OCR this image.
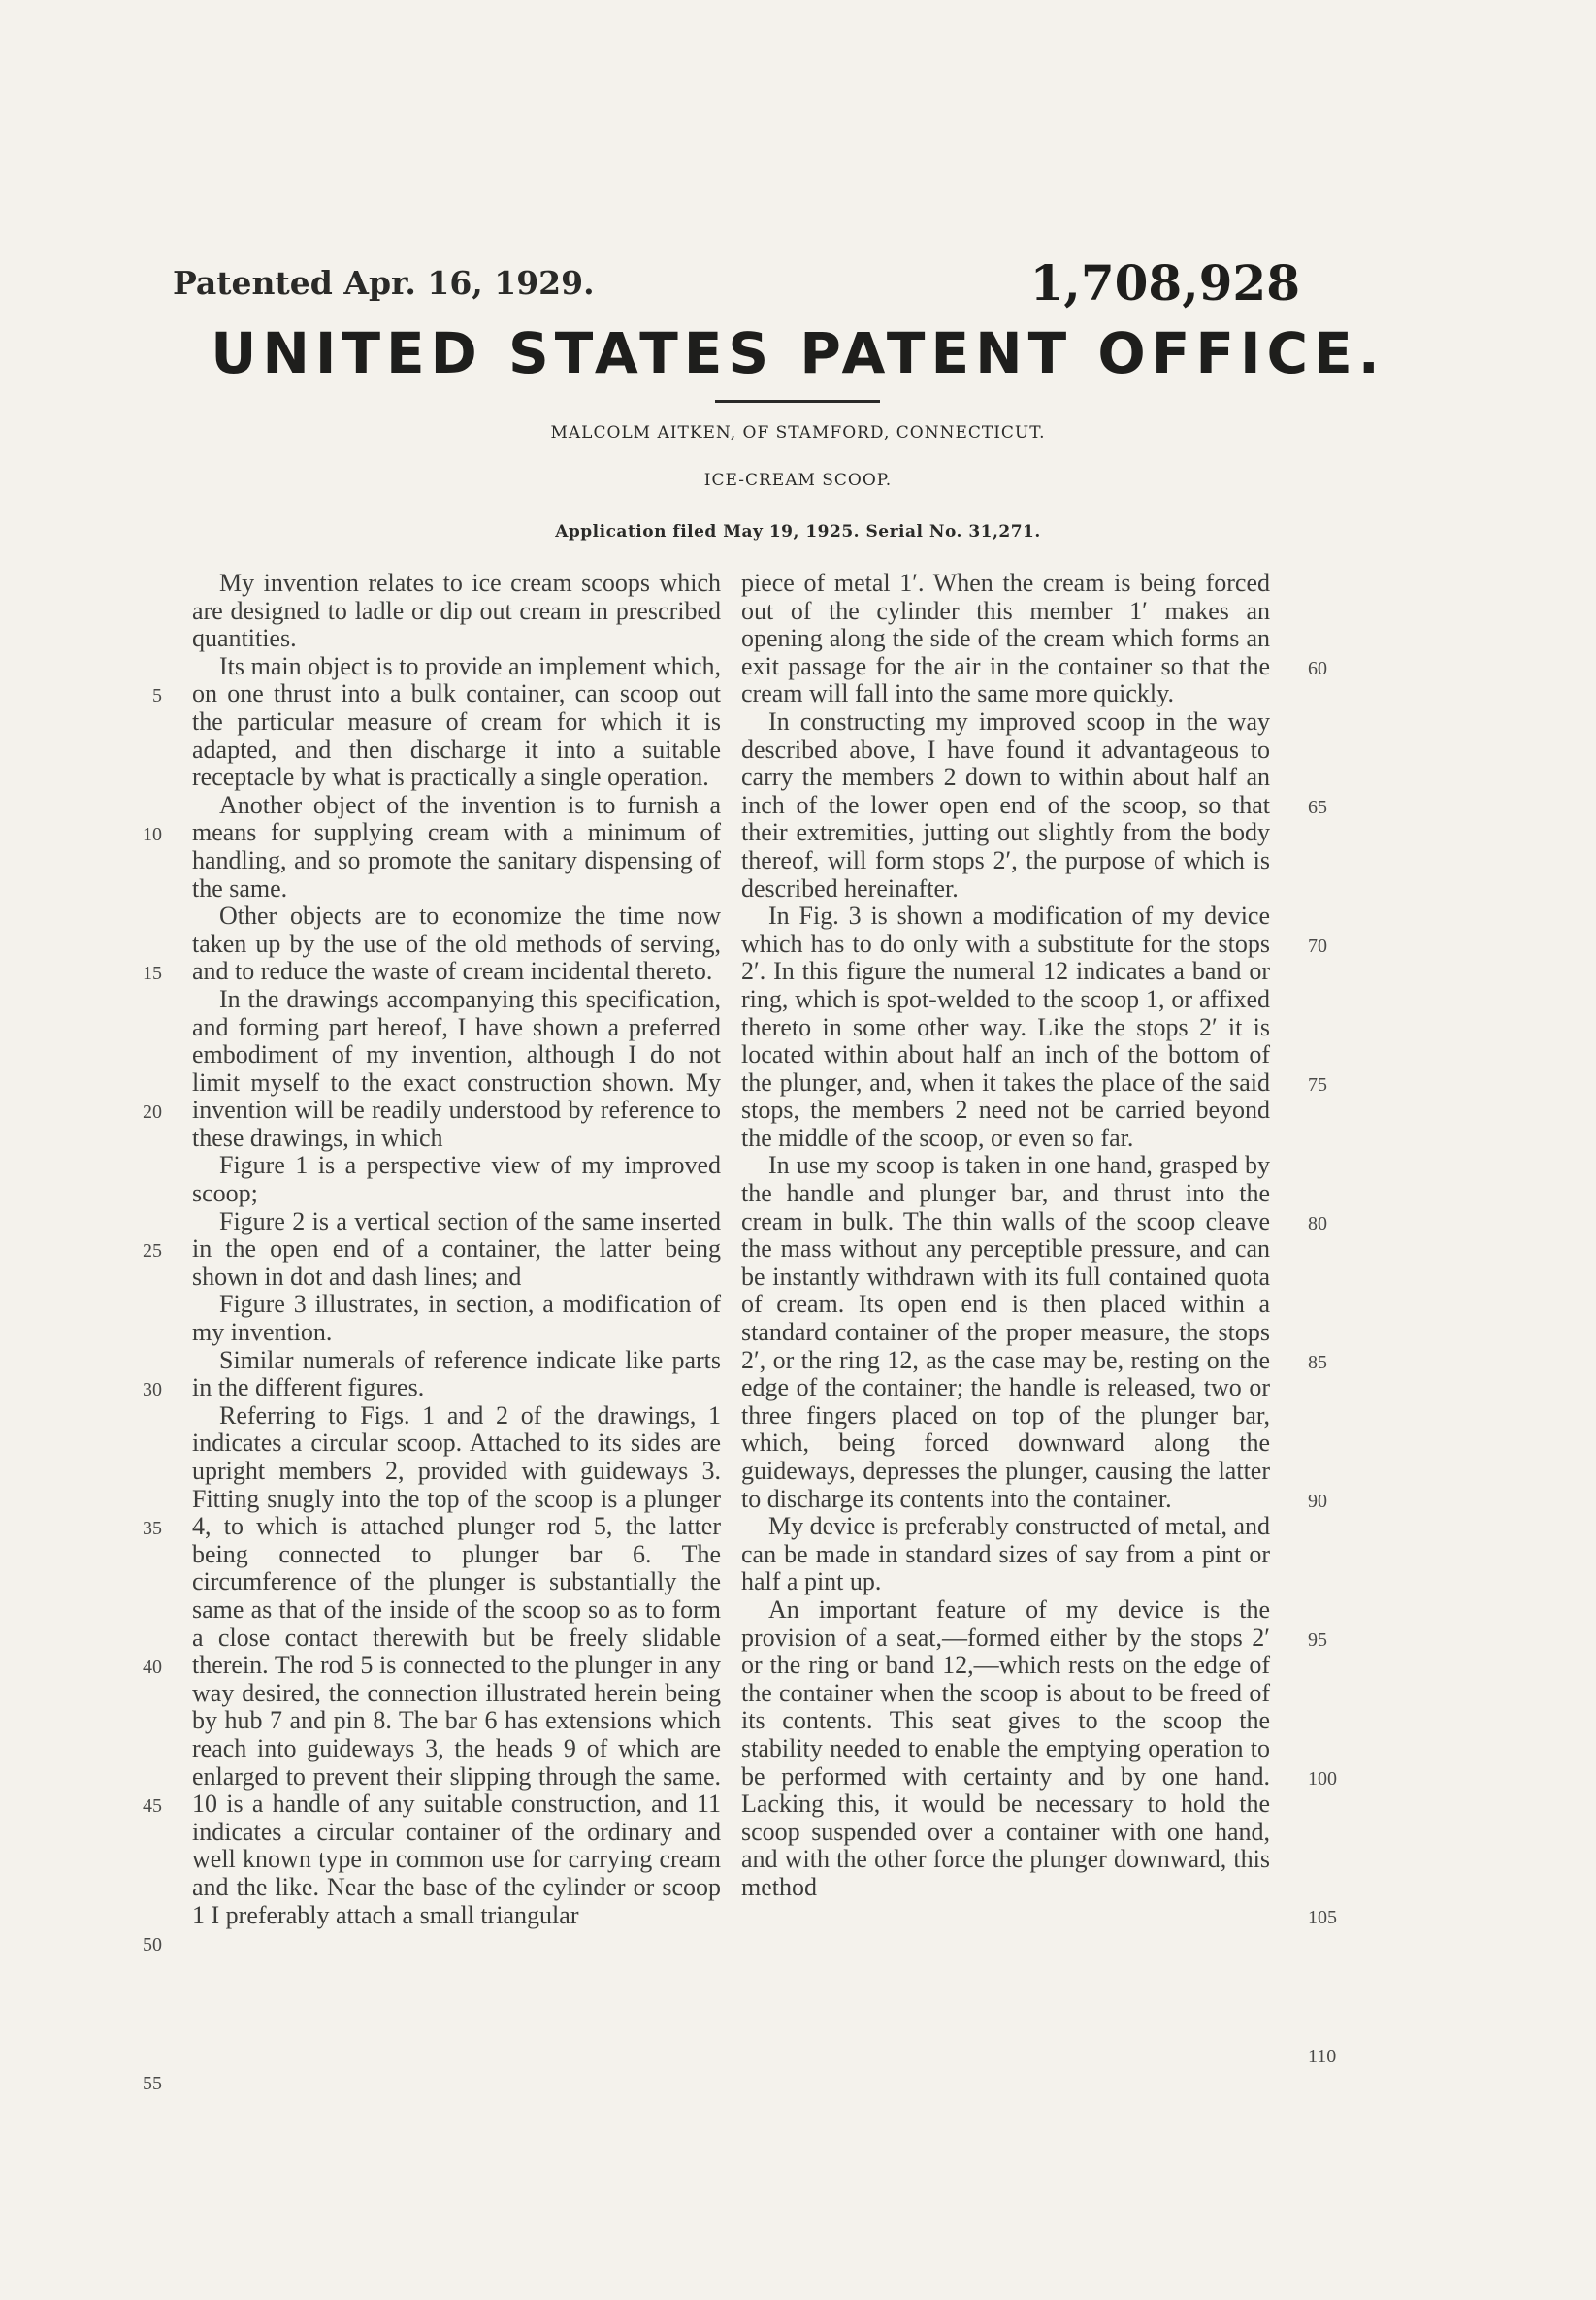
Patented Apr. 16, 1929.	1,708,928
UNITED STATES PATENT OFFICE.
MALCOLM AITKEN, OF STAMFORD, CONNECTICUT.
ICE-CREAM SCOOP.
Application filed May 19, 1925. Serial No. 31,271.

My invention relates to ice cream scoops which are designed to ladle or dip out cream in prescribed quantities.

Its main object is to provide an implement which, on one thrust into a bulk container, can scoop out the particular measure of cream for which it is adapted, and then discharge it into a suitable receptacle by what is practically a single operation.

Another object of the invention is to furnish a means for supplying cream with a minimum of handling, and so promote the sanitary dispensing of the same.

Other objects are to economize the time now taken up by the use of the old methods of serving, and to reduce the waste of cream incidental thereto.

In the drawings accompanying this specification, and forming part hereof, I have shown a preferred embodiment of my invention, although I do not limit myself to the exact construction shown. My invention will be readily understood by reference to these drawings, in which

Figure 1 is a perspective view of my improved scoop;

Figure 2 is a vertical section of the same inserted in the open end of a container, the latter being shown in dot and dash lines; and

Figure 3 illustrates, in section, a modification of my invention.

Similar numerals of reference indicate like parts in the different figures.

Referring to Figs. 1 and 2 of the drawings, 1 indicates a circular scoop. Attached to its sides are upright members 2, provided with guideways 3. Fitting snugly into the top of the scoop is a plunger 4, to which is attached plunger rod 5, the latter being connected to plunger bar 6. The circumference of the plunger is substantially the same as that of the inside of the scoop so as to form a close contact therewith but be freely slidable therein. The rod 5 is connected to the plunger in any way desired, the connection illustrated herein being by hub 7 and pin 8. The bar 6 has extensions which reach into guideways 3, the heads 9 of which are enlarged to prevent their slipping through the same. 10 is a handle of any suitable construction, and 11 indicates a circular container of the ordinary and well known type in common use for carrying cream and the like. Near the base of the cylinder or scoop 1 I preferably attach a small triangular

piece of metal 1′. When the cream is being forced out of the cylinder this member 1′ makes an opening along the side of the cream which forms an exit passage for the air in the container so that the cream will fall into the same more quickly.

In constructing my improved scoop in the way described above, I have found it advantageous to carry the members 2 down to within about half an inch of the lower open end of the scoop, so that their extremities, jutting out slightly from the body thereof, will form stops 2′, the purpose of which is described hereinafter.

In Fig. 3 is shown a modification of my device which has to do only with a substitute for the stops 2′. In this figure the numeral 12 indicates a band or ring, which is spot-welded to the scoop 1, or affixed thereto in some other way. Like the stops 2′ it is located within about half an inch of the bottom of the plunger, and, when it takes the place of the said stops, the members 2 need not be carried beyond the middle of the scoop, or even so far.

In use my scoop is taken in one hand, grasped by the handle and plunger bar, and thrust into the cream in bulk. The thin walls of the scoop cleave the mass without any perceptible pressure, and can be instantly withdrawn with its full contained quota of cream. Its open end is then placed within a standard container of the proper measure, the stops 2′, or the ring 12, as the case may be, resting on the edge of the container; the handle is released, two or three fingers placed on top of the plunger bar, which, being forced downward along the guideways, depresses the plunger, causing the latter to discharge its contents into the container.

My device is preferably constructed of metal, and can be made in standard sizes of say from a pint or half a pint up.

An important feature of my device is the provision of a seat,—formed either by the stops 2′ or the ring or band 12,—which rests on the edge of the container when the scoop is about to be freed of its contents. This seat gives to the scoop the stability needed to enable the emptying operation to be performed with certainty and by one hand. Lacking this, it would be necessary to hold the scoop suspended over a container with one hand, and with the other force the plunger downward, this method

5
10
15
20
25
30
35
40
45
50
55
60
65
70
75
80
85
90
95
100
105
110
